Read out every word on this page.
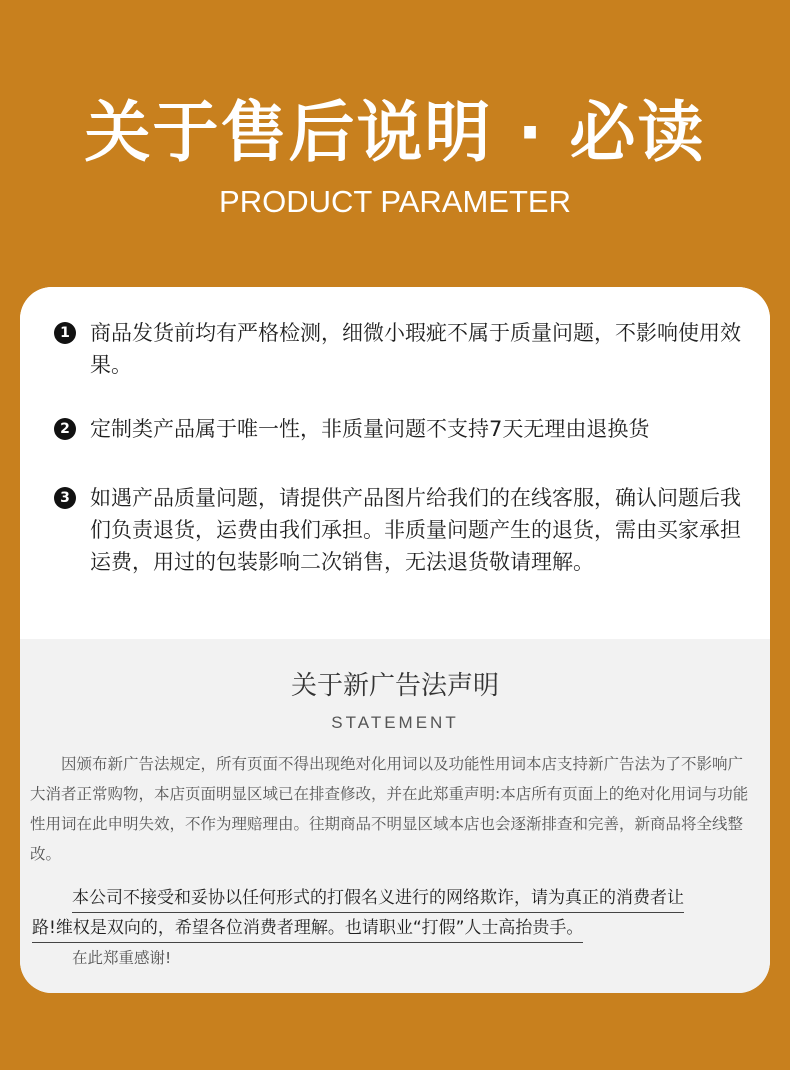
关于售后说明 · 必读
PRODUCT PARAMETER
1 商品发货前均有严格检测，细微小瑕疵不属于质量问题，不影响使用效果。
2 定制类产品属于唯一性，非质量问题不支持7天无理由退换货
3 如遇产品质量问题，请提供产品图片给我们的在线客服，确认问题后我们负责退货，运费由我们承担。非质量问题产生的退货，需由买家承担运费，用过的包装影响二次销售，无法退货敬请理解。
关于新广告法声明
STATEMENT
因颁布新广告法规定，所有页面不得出现绝对化用词以及功能性用词本店支持新广告法为了不影响广大消者正常购物，本店页面明显区域已在排查修改，并在此郑重声明:本店所有页面上的绝对化用词与功能性用词在此申明失效，不作为理赔理由。往期商品不明显区域本店也会逐渐排查和完善，新商品将全线整改。
本公司不接受和妥协以任何形式的打假名义进行的网络欺诈，请为真正的消费者让
路!维权是双向的，希望各位消费者理解。也请职业“打假”人士高抬贵手。
在此郑重感谢!
